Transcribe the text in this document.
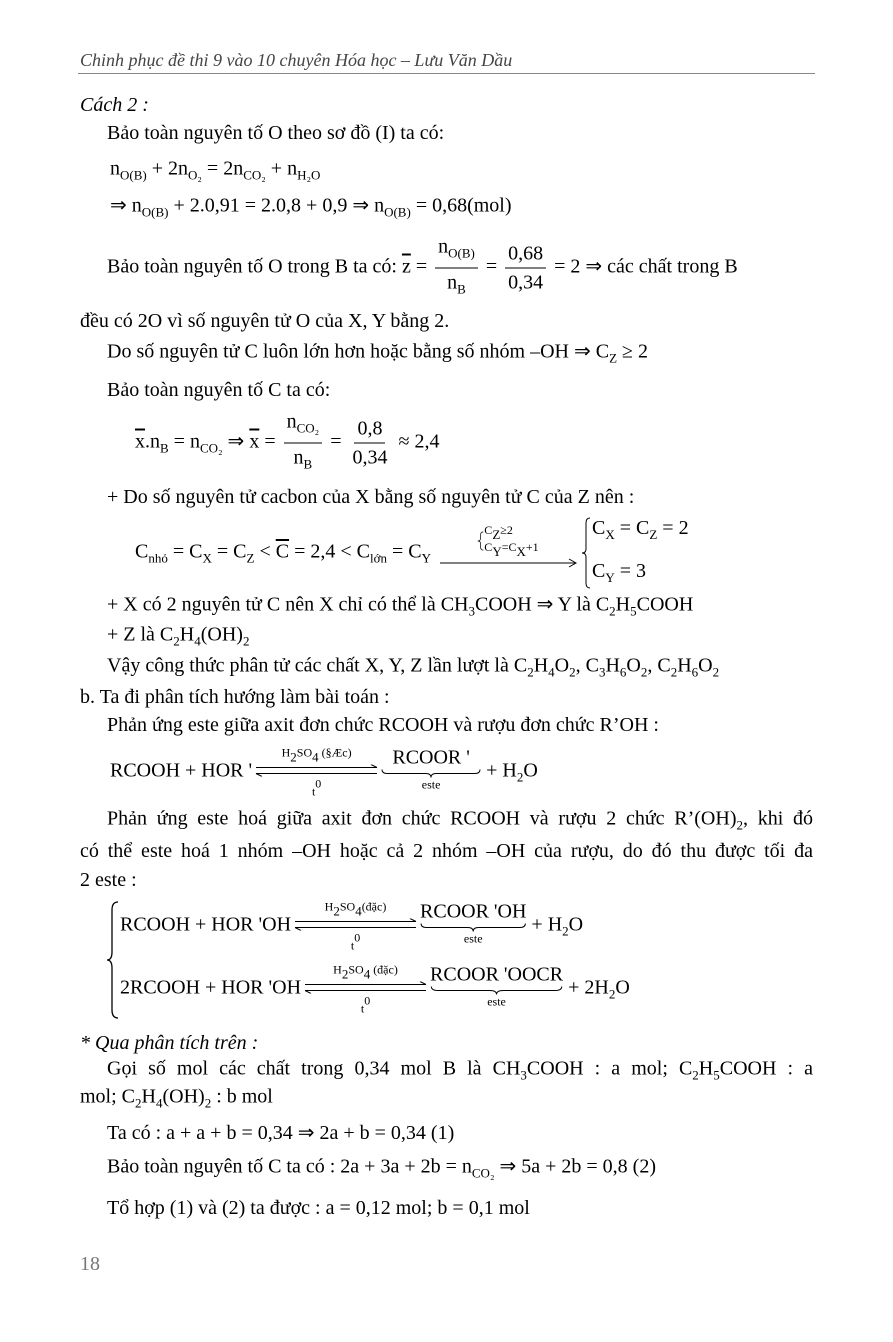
Chinh phục đề thi 9 vào 10 chuyên Hóa học – Lưu Văn Dầu
Cách 2 :
Bảo toàn nguyên tố O theo sơ đồ (I) ta có:
$n_{O(B)} + 2n_{O_2} = 2n_{CO_2} + n_{H_2O}$
⇒ $n_{O(B)} + 2.0,91 = 2.0,8 + 0,9$ ⇒ $n_{O(B)} = 0,68(mol)$
Bảo toàn nguyên tố O trong B ta có: $\overline{z} = \frac{n_{O(B)}}{n_B} = \frac{0,68}{0,34} = 2$ ⇒ các chất trong B
đều có 2O vì số nguyên tử O của X, Y bằng 2.
Do số nguyên tử C luôn lớn hơn hoặc bằng số nhóm –OH ⇒ $C_Z \ge 2$
Bảo toàn nguyên tố C ta có:
$\overline{x}.n_B = n_{CO_2}$ ⇒ $\overline{x} = \frac{n_{CO_2}}{n_B} = \frac{0,8}{0,34} \approx 2,4$
+ Do số nguyên tử cacbon của X bằng số nguyên tử C của Z nên :
$C_{nhỏ} = C_X = C_Z < \overline{C} = 2,4 < C_{lớn} = C_Y$
CZ≥2
CY=CX+1
$C_X = C_Z = 2$
$C_Y = 3$
+ X có 2 nguyên tử C nên X chỉ có thể là $CH_3COOH$ ⇒ Y là $C_2H_5COOH$
+ Z là $C_2H_4(OH)_2$
Vậy công thức phân tử các chất X, Y, Z lần lượt là $C_2H_4O_2$, $C_3H_6O_2$, $C_2H_6O_2$
b. Ta đi phân tích hướng làm bài toán :
Phản ứng este giữa axit đơn chức RCOOH và rượu đơn chức R’OH :
RCOOH + HOR '
H2SO4 (§Æc)
t0
RCOOR '
este
+ $H_2O$
Phản ứng este hoá giữa axit đơn chức RCOOH và rượu 2 chức $R’(OH)_2$, khi đó
có thể este hoá 1 nhóm –OH hoặc cả 2 nhóm –OH của rượu, do đó thu được tối đa
2 este :
RCOOH + HOR 'OH
H2SO4(đặc)
t0
RCOOR 'OH
este
+ $H_2O$
2RCOOH + HOR 'OH
H2SO4 (đặc)
t0
RCOOR 'OOCR
este
+ $2H_2O$
* Qua phân tích trên :
Gọi số mol các chất trong 0,34 mol B là $CH_3COOH$ : a mol; $C_2H_5COOH$ : a
mol; $C_2H_4(OH)_2$ : b mol
Ta có : a + a + b = 0,34 ⇒ 2a + b = 0,34 (1)
Bảo toàn nguyên tố C ta có : $2a + 3a + 2b = n_{CO_2}$ ⇒ 5a + 2b = 0,8 (2)
Tổ hợp (1) và (2) ta được : a = 0,12 mol; b = 0,1 mol
18
